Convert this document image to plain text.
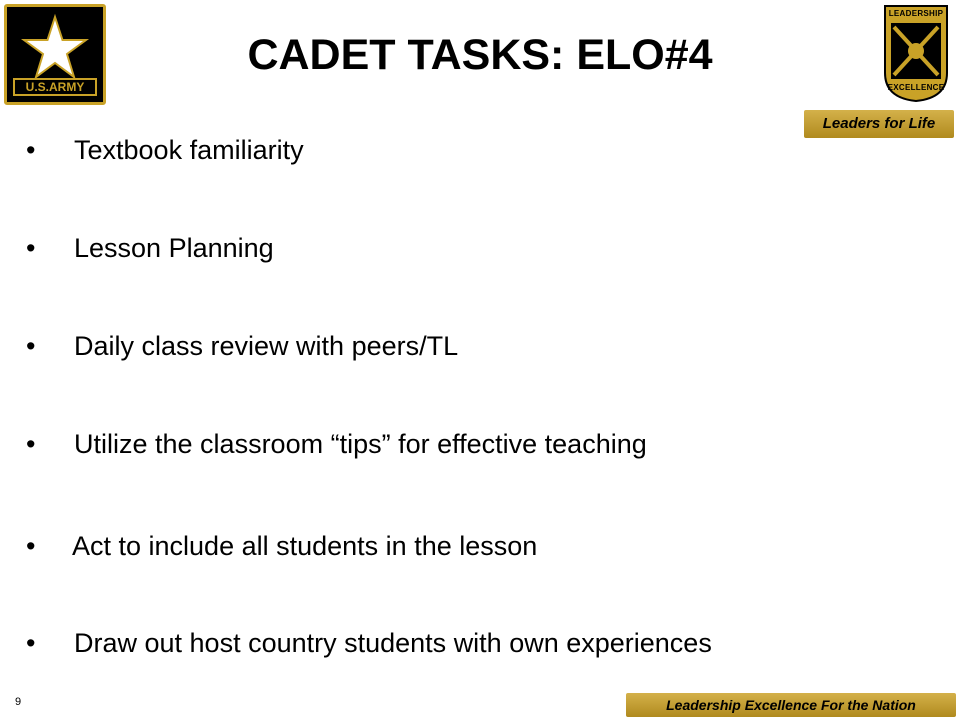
U.S.ARMY
CADET TASKS: ELO#4
LEADERSHIP
EXCELLENCE
Leaders for Life
• Textbook familiarity
• Lesson Planning
• Daily class review with peers/TL
• Utilize the classroom “tips” for effective teaching
• Act to include all students in the lesson
• Draw out host country students with own experiences
9	Leadership Excellence For the Nation
